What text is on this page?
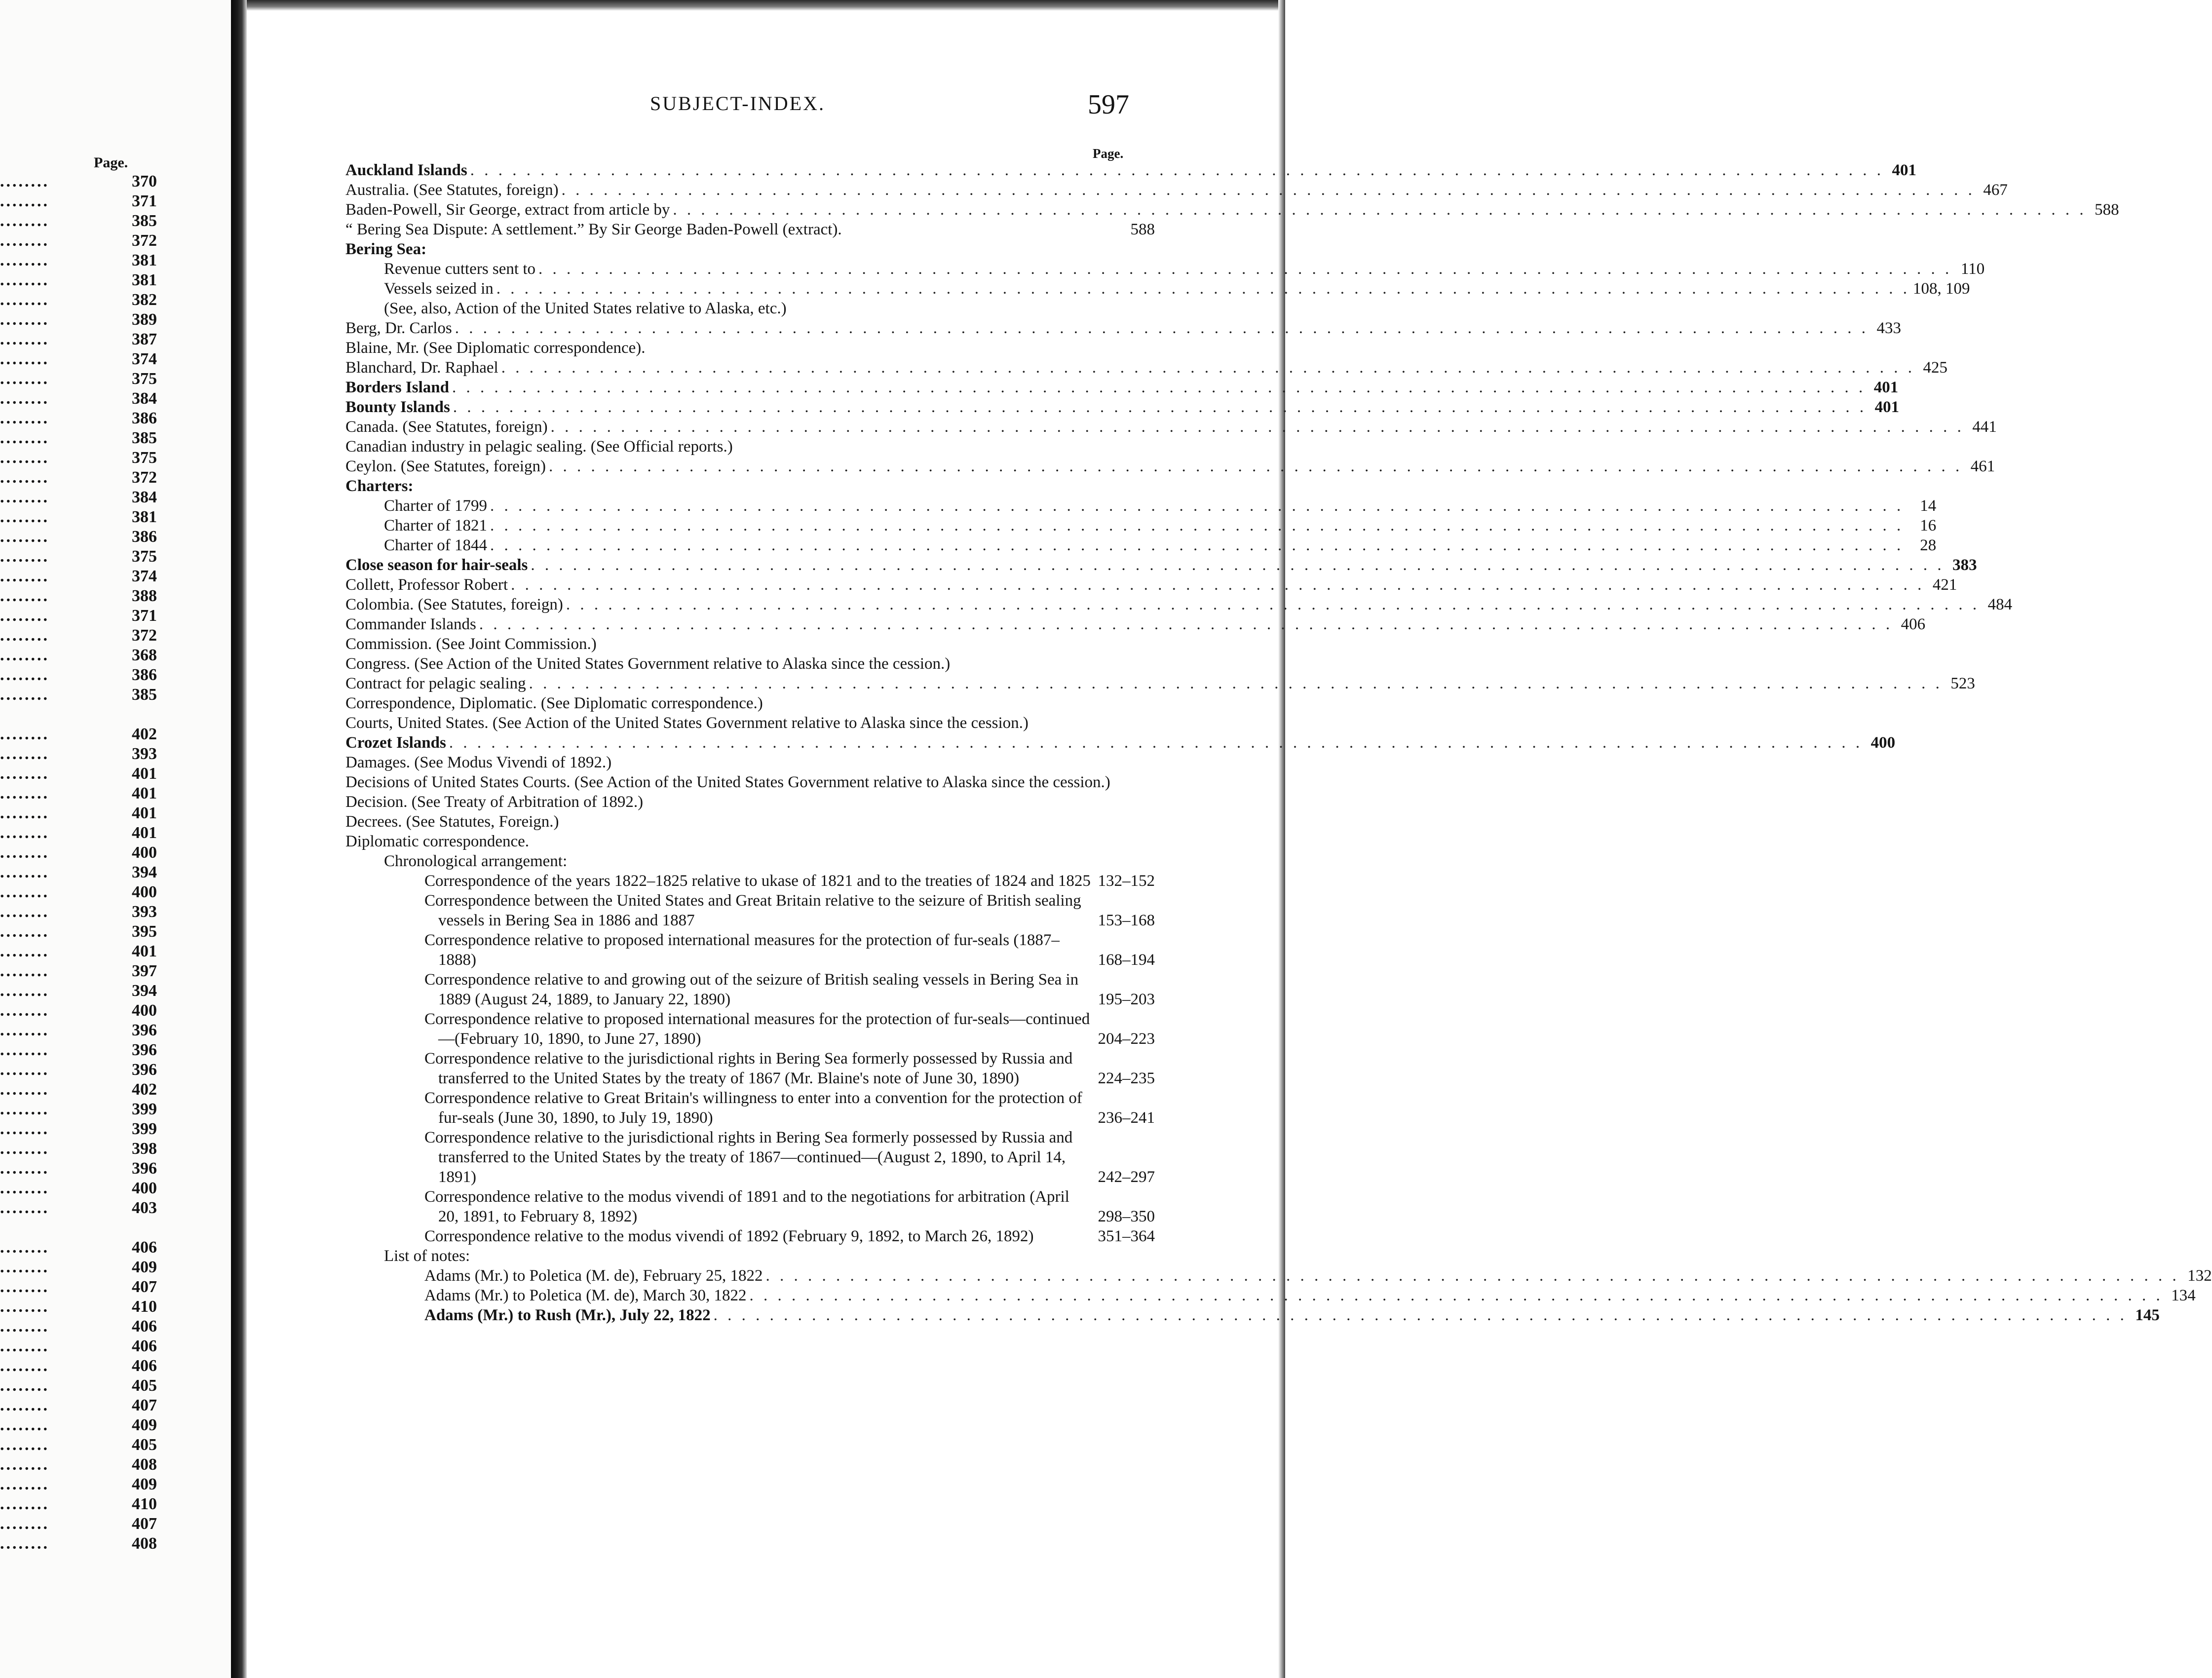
Page.
........	370
........	371
........	385
........	372
........	381
........	381
........	382
........	389
........	387
........	374
........	375
........	384
........	386
........	385
........	375
........	372
........	384
........	381
........	386
........	375
........	374
........	388
........	371
........	372
........	368
........	386
........	385
........	402
........	393
........	401
........	401
........	401
........	401
........	400
........	394
........	400
........	393
........	395
........	401
........	397
........	394
........	400
........	396
........	396
........	396
........	402
........	399
........	399
........	398
........	396
........	400
........	403
........	406
........	409
........	407
........	410
........	406
........	406
........	406
........	405
........	407
........	409
........	405
........	408
........	409
........	410
........	407
........	408
SUBJECT-INDEX.	597
Page.
Auckland Islands . . . . . . . . . . . . . . . . . . . . . . . . . . . . . . . . . . . . . . . . . . . . . . . . . . . . . . . . . . . . . . . . . . . . . . . . . . . . . . . . . . . . . . . . . . . . . . . . . . . . . 401
Australia. (See Statutes, foreign) . . . . . . . . . . . . . . . . . . . . . . . . . . . . . . . . . . . . . . . . . . . . . . . . . . . . . . . . . . . . . . . . . . . . . . . . . . . . . . . . . . . . . . . . . . . . . . . . . . . . . 467
Baden-Powell, Sir George, extract from article by . . . . . . . . . . . . . . . . . . . . . . . . . . . . . . . . . . . . . . . . . . . . . . . . . . . . . . . . . . . . . . . . . . . . . . . . . . . . . . . . . . . . . . . . . . . . . . . . . . . . . 588
“ Bering Sea Dispute: A settlement.” By Sir George Baden-Powell (extract).	588
Bering Sea:
Revenue cutters sent to . . . . . . . . . . . . . . . . . . . . . . . . . . . . . . . . . . . . . . . . . . . . . . . . . . . . . . . . . . . . . . . . . . . . . . . . . . . . . . . . . . . . . . . . . . . . . . . . . . . . . 110
Vessels seized in . . . . . . . . . . . . . . . . . . . . . . . . . . . . . . . . . . . . . . . . . . . . . . . . . . . . . . . . . . . . . . . . . . . . . . . . . . . . . . . . . . . . . . . . . . . . . . . . . . . . . 108, 109
(See, also, Action of the United States relative to Alaska, etc.)
Berg, Dr. Carlos . . . . . . . . . . . . . . . . . . . . . . . . . . . . . . . . . . . . . . . . . . . . . . . . . . . . . . . . . . . . . . . . . . . . . . . . . . . . . . . . . . . . . . . . . . . . . . . . . . . . . 433
Blaine, Mr. (See Diplomatic correspondence).
Blanchard, Dr. Raphael . . . . . . . . . . . . . . . . . . . . . . . . . . . . . . . . . . . . . . . . . . . . . . . . . . . . . . . . . . . . . . . . . . . . . . . . . . . . . . . . . . . . . . . . . . . . . . . . . . . . . 425
Borders Island . . . . . . . . . . . . . . . . . . . . . . . . . . . . . . . . . . . . . . . . . . . . . . . . . . . . . . . . . . . . . . . . . . . . . . . . . . . . . . . . . . . . . . . . . . . . . . . . . . . . . 401
Bounty Islands . . . . . . . . . . . . . . . . . . . . . . . . . . . . . . . . . . . . . . . . . . . . . . . . . . . . . . . . . . . . . . . . . . . . . . . . . . . . . . . . . . . . . . . . . . . . . . . . . . . . . 401
Canada. (See Statutes, foreign) . . . . . . . . . . . . . . . . . . . . . . . . . . . . . . . . . . . . . . . . . . . . . . . . . . . . . . . . . . . . . . . . . . . . . . . . . . . . . . . . . . . . . . . . . . . . . . . . . . . . . 441
Canadian industry in pelagic sealing. (See Official reports.)
Ceylon. (See Statutes, foreign) . . . . . . . . . . . . . . . . . . . . . . . . . . . . . . . . . . . . . . . . . . . . . . . . . . . . . . . . . . . . . . . . . . . . . . . . . . . . . . . . . . . . . . . . . . . . . . . . . . . . . 461
Charters:
Charter of 1799 . . . . . . . . . . . . . . . . . . . . . . . . . . . . . . . . . . . . . . . . . . . . . . . . . . . . . . . . . . . . . . . . . . . . . . . . . . . . . . . . . . . . . . . . . . . . . . . . . . . . .	14
Charter of 1821 . . . . . . . . . . . . . . . . . . . . . . . . . . . . . . . . . . . . . . . . . . . . . . . . . . . . . . . . . . . . . . . . . . . . . . . . . . . . . . . . . . . . . . . . . . . . . . . . . . . . .	16
Charter of 1844 . . . . . . . . . . . . . . . . . . . . . . . . . . . . . . . . . . . . . . . . . . . . . . . . . . . . . . . . . . . . . . . . . . . . . . . . . . . . . . . . . . . . . . . . . . . . . . . . . . . . .	28
Close season for hair-seals . . . . . . . . . . . . . . . . . . . . . . . . . . . . . . . . . . . . . . . . . . . . . . . . . . . . . . . . . . . . . . . . . . . . . . . . . . . . . . . . . . . . . . . . . . . . . . . . . . . . . 383
Collett, Professor Robert . . . . . . . . . . . . . . . . . . . . . . . . . . . . . . . . . . . . . . . . . . . . . . . . . . . . . . . . . . . . . . . . . . . . . . . . . . . . . . . . . . . . . . . . . . . . . . . . . . . . . 421
Colombia. (See Statutes, foreign) . . . . . . . . . . . . . . . . . . . . . . . . . . . . . . . . . . . . . . . . . . . . . . . . . . . . . . . . . . . . . . . . . . . . . . . . . . . . . . . . . . . . . . . . . . . . . . . . . . . . . 484
Commander Islands . . . . . . . . . . . . . . . . . . . . . . . . . . . . . . . . . . . . . . . . . . . . . . . . . . . . . . . . . . . . . . . . . . . . . . . . . . . . . . . . . . . . . . . . . . . . . . . . . . . . . 406
Commission. (See Joint Commission.)
Congress. (See Action of the United States Government relative to Alaska since the cession.)
Contract for pelagic sealing . . . . . . . . . . . . . . . . . . . . . . . . . . . . . . . . . . . . . . . . . . . . . . . . . . . . . . . . . . . . . . . . . . . . . . . . . . . . . . . . . . . . . . . . . . . . . . . . . . . . . 523
Correspondence, Diplomatic. (See Diplomatic correspondence.)
Courts, United States. (See Action of the United States Government relative to Alaska since the cession.)
Crozet Islands . . . . . . . . . . . . . . . . . . . . . . . . . . . . . . . . . . . . . . . . . . . . . . . . . . . . . . . . . . . . . . . . . . . . . . . . . . . . . . . . . . . . . . . . . . . . . . . . . . . . . 400
Damages. (See Modus Vivendi of 1892.)
Decisions of United States Courts. (See Action of the United States Government relative to Alaska since the cession.)
Decision. (See Treaty of Arbitration of 1892.)
Decrees. (See Statutes, Foreign.)
Diplomatic correspondence.
Chronological arrangement:
Correspondence of the years 1822–1825 relative to ukase of 1821 and to the treaties of 1824 and 1825 132–152
Correspondence between the United States and Great Britain relative to the seizure of British sealing vessels in Bering Sea in 1886 and 1887	153–168
Correspondence relative to proposed international measures for the protection of fur-seals (1887–1888)	168–194
Correspondence relative to and growing out of the seizure of British sealing vessels in Bering Sea in 1889 (August 24, 1889, to January 22, 1890)	195–203
Correspondence relative to proposed international measures for the protection of fur-seals—continued—(February 10, 1890, to June 27, 1890)	204–223
Correspondence relative to the jurisdictional rights in Bering Sea formerly possessed by Russia and transferred to the United States by the treaty of 1867 (Mr. Blaine's note of June 30, 1890)	224–235
Correspondence relative to Great Britain's willingness to enter into a convention for the protection of fur-seals (June 30, 1890, to July 19, 1890)	236–241
Correspondence relative to the jurisdictional rights in Bering Sea formerly possessed by Russia and transferred to the United States by the treaty of 1867—continued—(August 2, 1890, to April 14, 1891)	242–297
Correspondence relative to the modus vivendi of 1891 and to the negotiations for arbitration (April 20, 1891, to February 8, 1892)	298–350
Correspondence relative to the modus vivendi of 1892 (February 9, 1892, to March 26, 1892)	351–364
List of notes:
Adams (Mr.) to Poletica (M. de), February 25, 1822 . . . . . . . . . . . . . . . . . . . . . . . . . . . . . . . . . . . . . . . . . . . . . . . . . . . . . . . . . . . . . . . . . . . . . . . . . . . . . . . . . . . . . . . . . . . . . . . . . . . . . 132
Adams (Mr.) to Poletica (M. de), March 30, 1822 . . . . . . . . . . . . . . . . . . . . . . . . . . . . . . . . . . . . . . . . . . . . . . . . . . . . . . . . . . . . . . . . . . . . . . . . . . . . . . . . . . . . . . . . . . . . . . . . . . . . . 134
Adams (Mr.) to Rush (Mr.), July 22, 1822 . . . . . . . . . . . . . . . . . . . . . . . . . . . . . . . . . . . . . . . . . . . . . . . . . . . . . . . . . . . . . . . . . . . . . . . . . . . . . . . . . . . . . . . . . . . . . . . . . . . . . 145
